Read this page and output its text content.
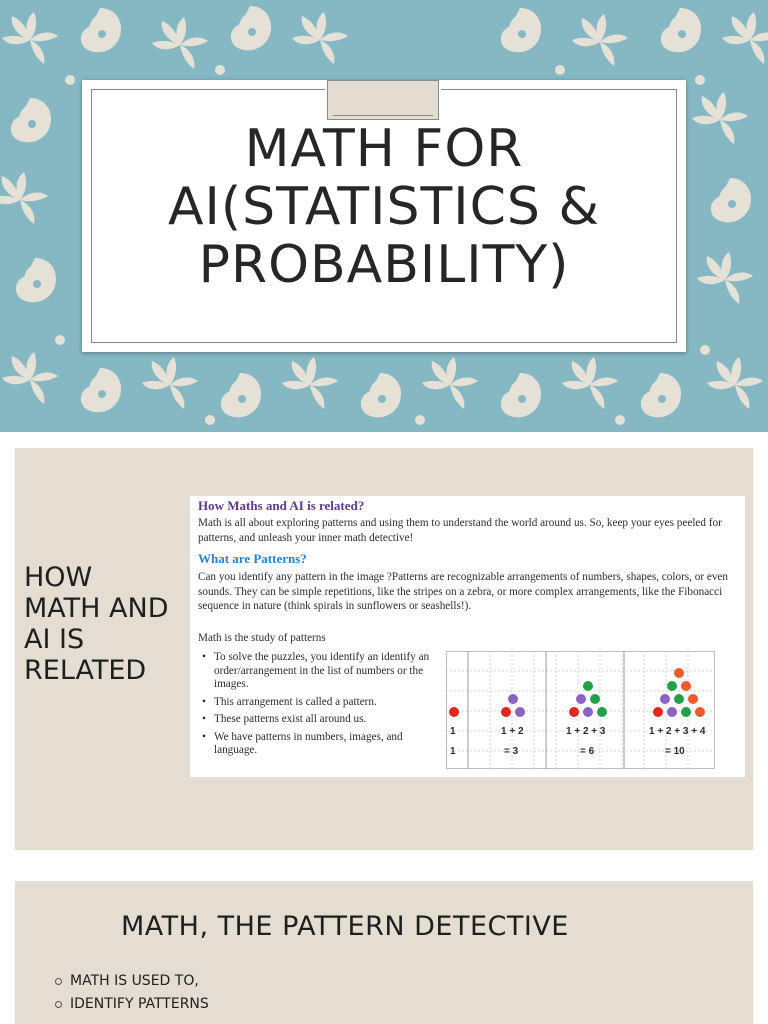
MATH FOR
AI(STATISTICS &
PROBABILITY)
HOW
MATH AND
AI IS
RELATED
How Maths and AI is related?
Math is all about exploring patterns and using them to understand the world around us. So, keep your eyes peeled for patterns, and unleash your inner math detective!
What are Patterns?
Can you identify any pattern in the image ?Patterns are recognizable arrangements of numbers, shapes, colors, or even sounds. They can be simple repetitions, like the stripes on a zebra, or more complex arrangements, like the Fibonacci sequence in nature (think spirals in sunflowers or seashells!).
Math is the study of patterns
• To solve the puzzles, you identify an identify an order/arrangement in the list of numbers or the images.
• This arrangement is called a pattern.
• These patterns exist all around us.
• We have patterns in numbers, images, and language.
1	1 + 2	1 + 2 + 3	1 + 2 + 3 + 4
1	= 3	= 6	= 10
MATH, THE PATTERN DETECTIVE
MATH IS USED TO,
IDENTIFY PATTERNS
